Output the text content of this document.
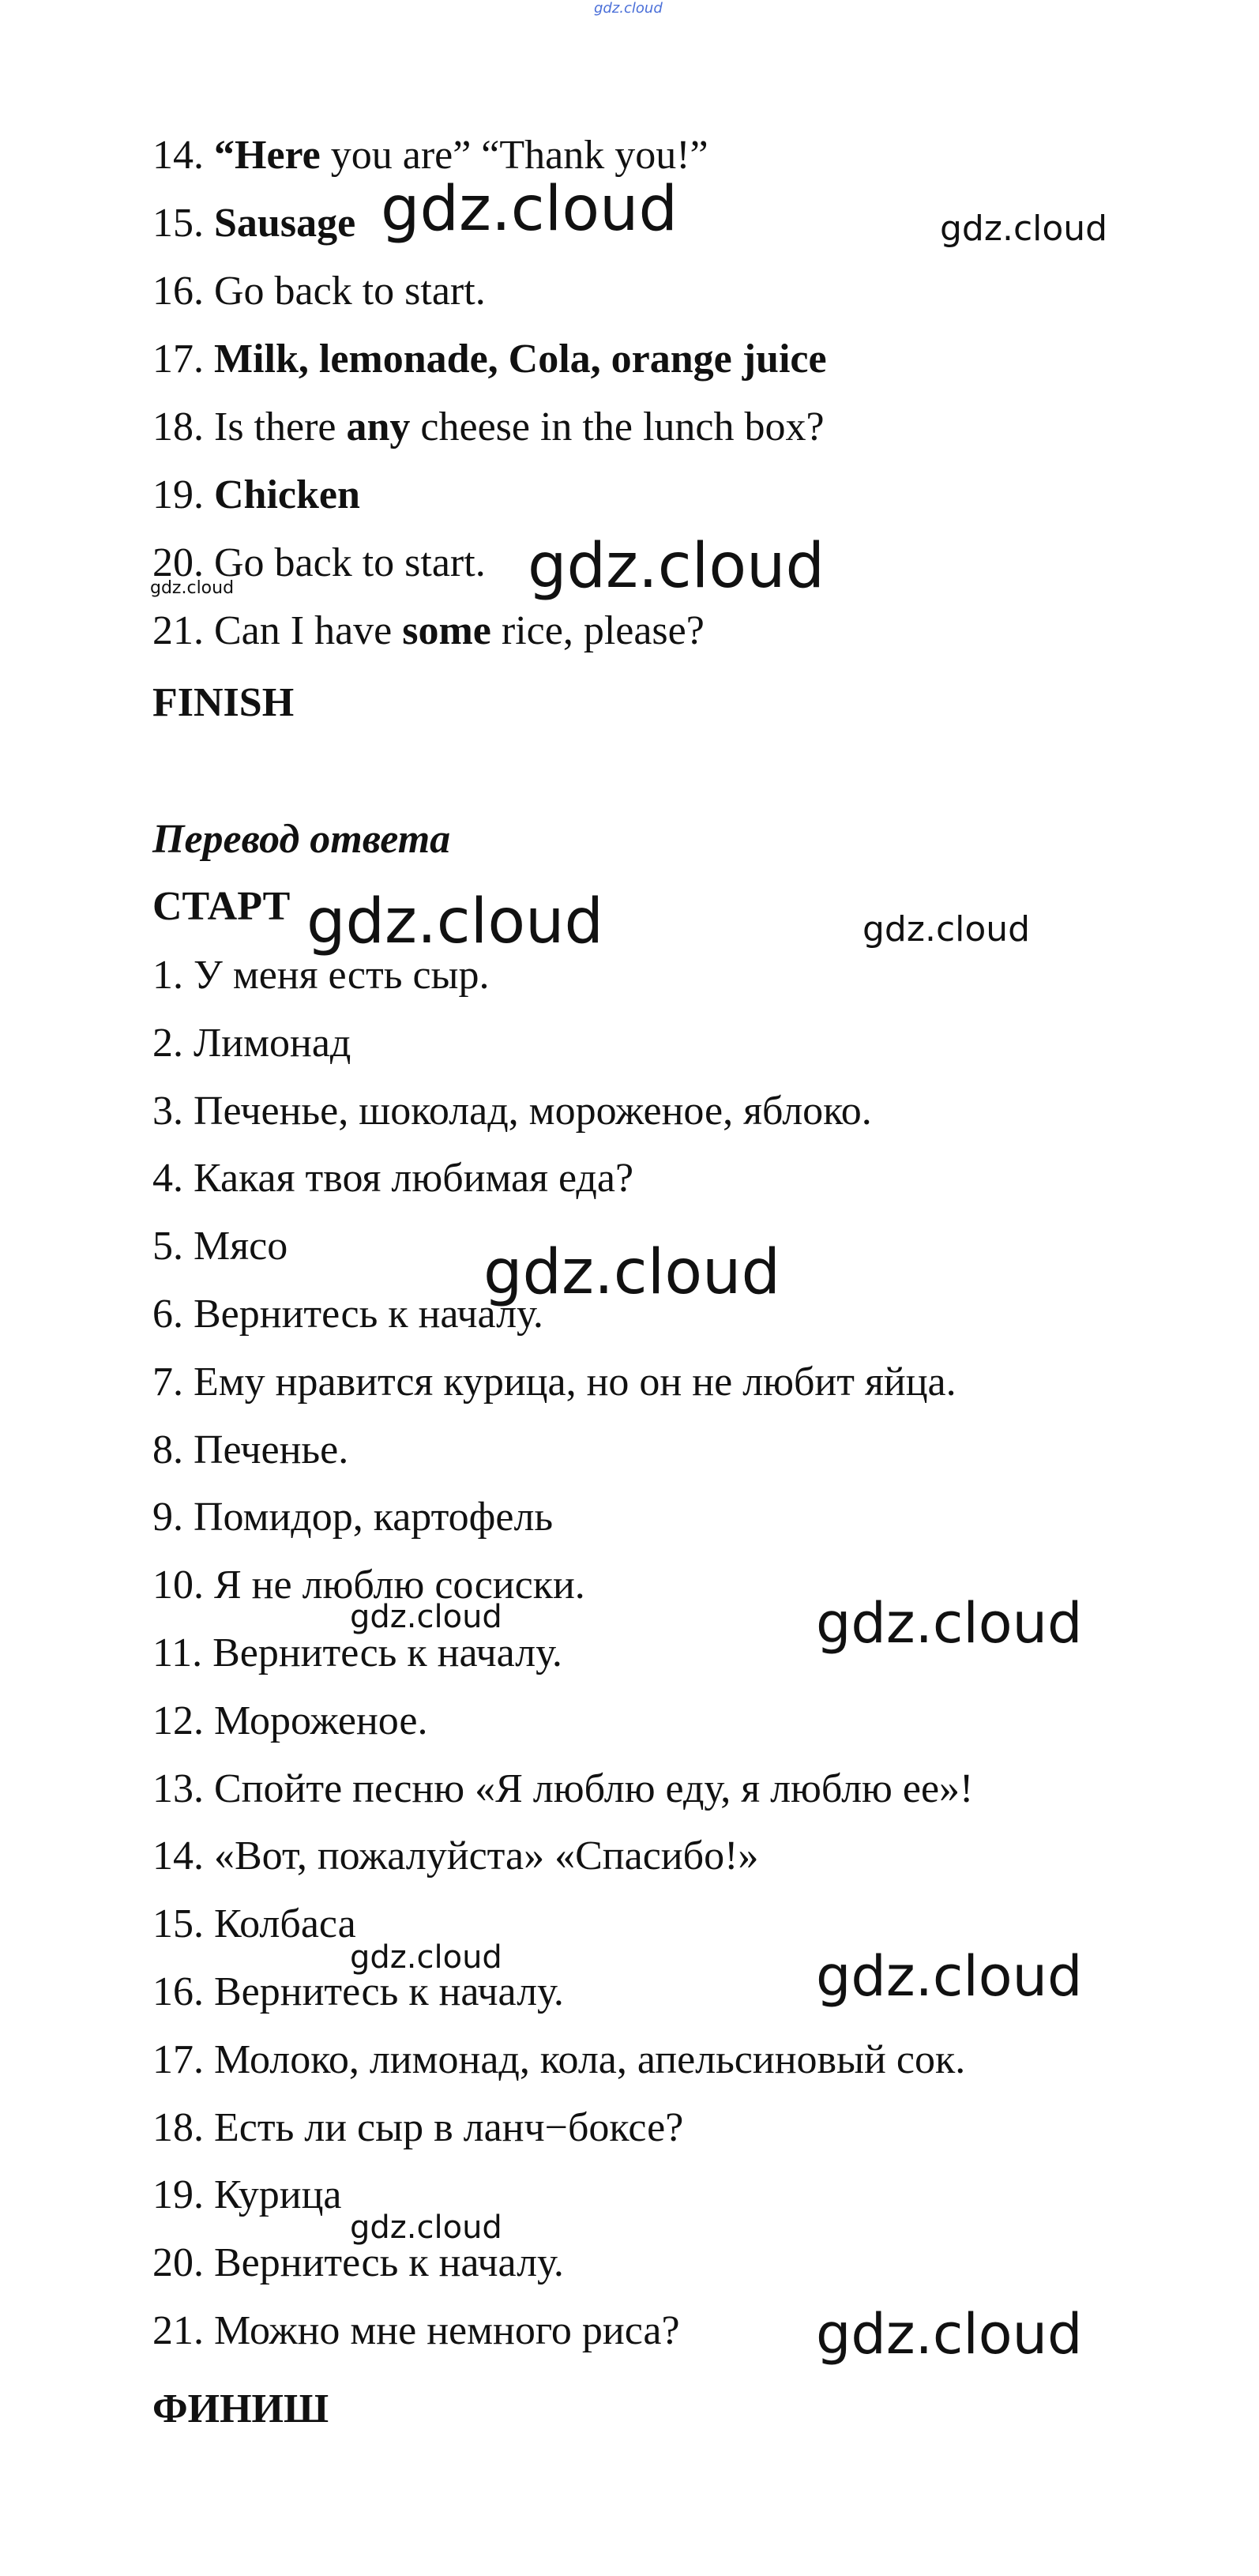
14. “Here you are” “Thank you!”
15. Sausage
16. Go back to start.
17. Milk, lemonade, Cola, orange juice
18. Is there any cheese in the lunch box?
19. Chicken
20. Go back to start.
21. Can I have some rice, please?
FINISH
Перевод ответа
СТАРТ
1. У меня есть сыр.
2. Лимонад
3. Печенье, шоколад, мороженое, яблоко.
4. Какая твоя любимая еда?
5. Мясо
6. Вернитесь к началу.
7. Ему нравится курица, но он не любит яйца.
8. Печенье.
9. Помидор, картофель
10. Я не люблю сосиски.
11. Вернитесь к началу.
12. Мороженое.
13. Спойте песню «Я люблю еду, я люблю ее»!
14. «Вот, пожалуйста» «Спасибо!»
15. Колбаса
16. Вернитесь к началу.
17. Молоко, лимонад, кола, апельсиновый сок.
18. Есть ли сыр в ланч−боксе?
19. Курица
20. Вернитесь к началу.
21. Можно мне немного риса?
ФИНИШ
gdz.cloud
gdz.cloud	gdz.cloud
gdz.cloud
gdz.cloud
gdz.cloud	gdz.cloud
gdz.cloud
gdz.cloud	gdz.cloud
gdz.cloud	gdz.cloud
gdz.cloud
gdz.cloud
